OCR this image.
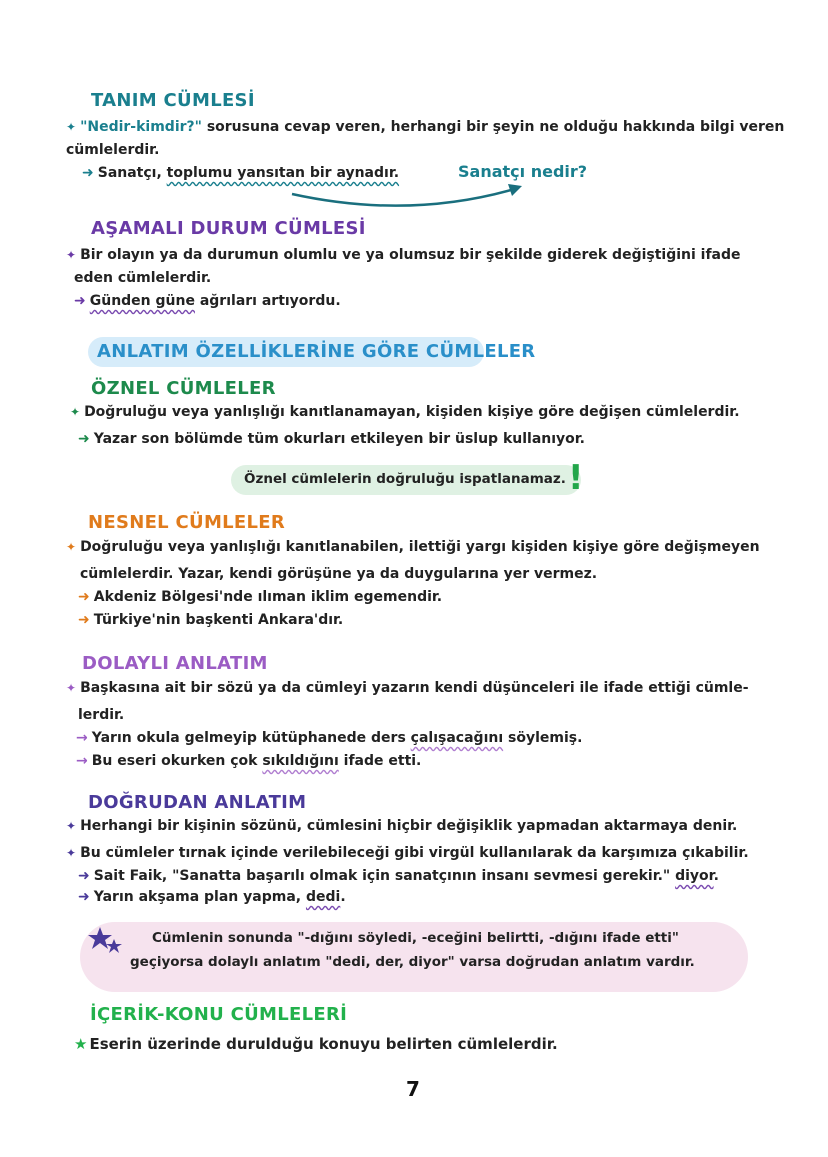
TANIM CÜMLESİ
✦ "Nedir-kimdir?" sorusuna cevap veren, herhangi bir şeyin ne olduğu hakkında bilgi veren
cümlelerdir.
➜ Sanatçı, toplumu yansıtan bir aynadır.	Sanatçı nedir?
AŞAMALI DURUM CÜMLESİ
✦ Bir olayın ya da durumun olumlu ve ya olumsuz bir şekilde giderek değiştiğini ifade
eden cümlelerdir.
➜ Günden güne ağrıları artıyordu.
ANLATIM ÖZELLİKLERİNE GÖRE CÜMLELER
ÖZNEL CÜMLELER
✦ Doğruluğu veya yanlışlığı kanıtlanamayan, kişiden kişiye göre değişen cümlelerdir.
➜ Yazar son bölümde tüm okurları etkileyen bir üslup kullanıyor.
Öznel cümlelerin doğruluğu ispatlanamaz. !
NESNEL CÜMLELER
✦ Doğruluğu veya yanlışlığı kanıtlanabilen, ilettiği yargı kişiden kişiye göre değişmeyen
cümlelerdir. Yazar, kendi görüşüne ya da duygularına yer vermez.
➜ Akdeniz Bölgesi'nde ılıman iklim egemendir.
➜ Türkiye'nin başkenti Ankara'dır.
DOLAYLI ANLATIM
✦ Başkasına ait bir sözü ya da cümleyi yazarın kendi düşünceleri ile ifade ettiği cümle-
lerdir.
→ Yarın okula gelmeyip kütüphanede ders çalışacağını söylemiş.
→ Bu eseri okurken çok sıkıldığını ifade etti.
DOĞRUDAN ANLATIM
✦ Herhangi bir kişinin sözünü, cümlesini hiçbir değişiklik yapmadan aktarmaya denir.
✦ Bu cümleler tırnak içinde verilebileceği gibi virgül kullanılarak da karşımıza çıkabilir.
➜ Sait Faik, "Sanatta başarılı olmak için sanatçının insanı sevmesi gerekir." diyor.
➜ Yarın akşama plan yapma, dedi.
Cümlenin sonunda "-dığını söyledi, -eceğini belirtti, -dığını ifade etti"
geçiyorsa dolaylı anlatım "dedi, der, diyor" varsa doğrudan anlatım vardır.
İÇERİK-KONU CÜMLELERİ
★ Eserin üzerinde durulduğu konuyu belirten cümlelerdir.
7
